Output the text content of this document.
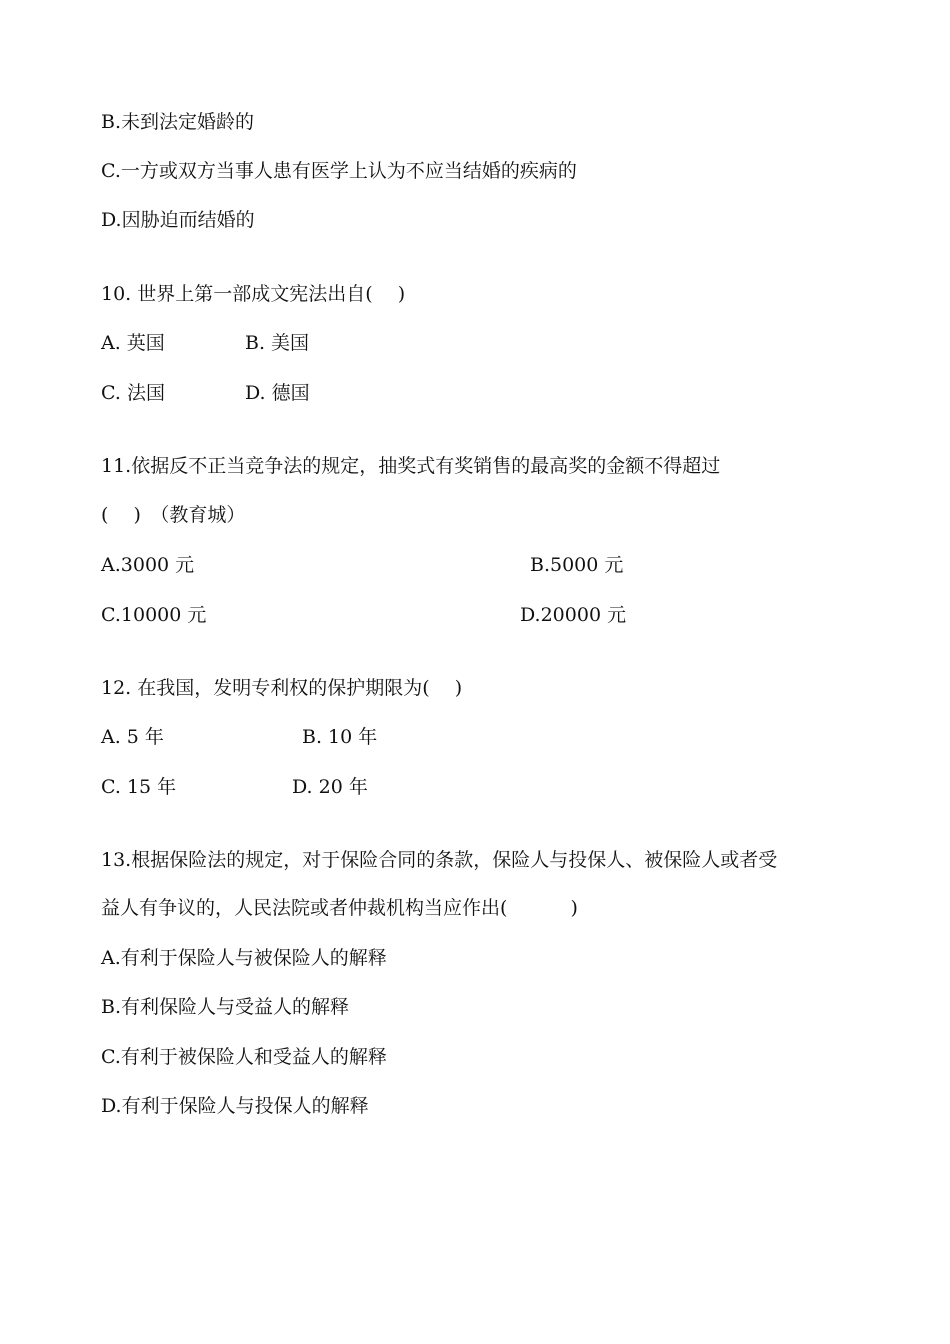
B.未到法定婚龄的
C.一方或双方当事人患有医学上认为不应当结婚的疾病的
D.因胁迫而结婚的
10. 世界上第一部成文宪法出自(　 )
A. 英国	B. 美国
C. 法国	D. 德国
11.依据反不正当竞争法的规定，抽奖式有奖销售的最高奖的金额不得超过
(　 )　（教育城）
A.3000 元	B.5000 元
C.10000 元	D.20000 元
12. 在我国，发明专利权的保护期限为(　 )
A. 5 年	B. 10 年
C. 15 年	D. 20 年
13.根据保险法的规定，对于保险合同的条款，保险人与投保人、被保险人或者受
益人有争议的，人民法院或者仲裁机构当应作出(　　　 )
A.有利于保险人与被保险人的解释
B.有利保险人与受益人的解释
C.有利于被保险人和受益人的解释
D.有利于保险人与投保人的解释
